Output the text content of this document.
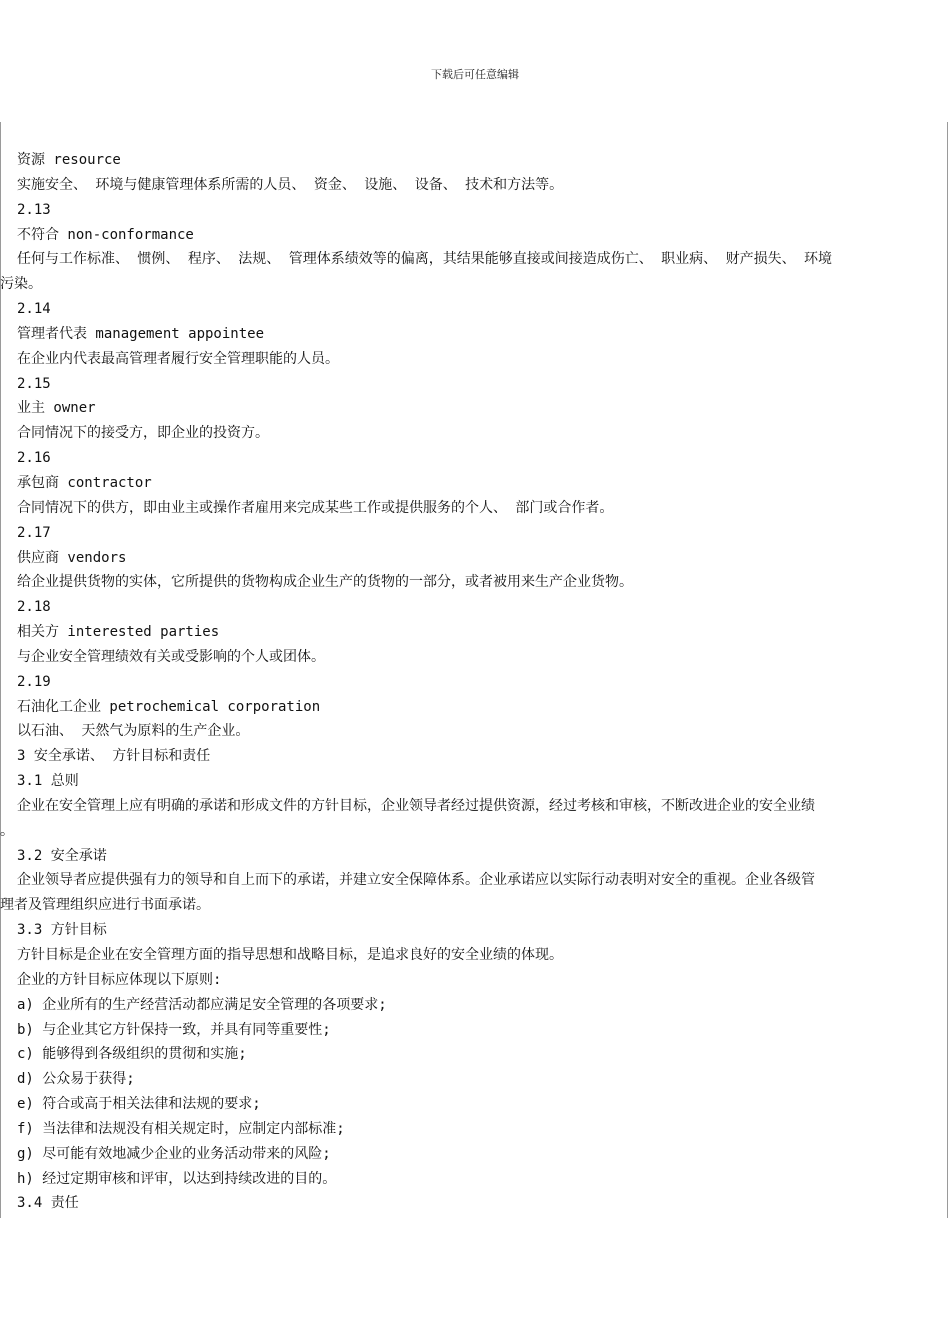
下载后可任意编辑
资源 resource
实施安全、 环境与健康管理体系所需的人员、 资金、 设施、 设备、 技术和方法等。
2.13
不符合 non-conformance
任何与工作标准、 惯例、 程序、 法规、 管理体系绩效等的偏离，其结果能够直接或间接造成伤亡、 职业病、 财产损失、 环境
污染。
2.14
管理者代表 management appointee
在企业内代表最高管理者履行安全管理职能的人员。
2.15
业主 owner
合同情况下的接受方，即企业的投资方。
2.16
承包商 contractor
合同情况下的供方，即由业主或操作者雇用来完成某些工作或提供服务的个人、 部门或合作者。
2.17
供应商 vendors
给企业提供货物的实体，它所提供的货物构成企业生产的货物的一部分，或者被用来生产企业货物。
2.18
相关方 interested parties
与企业安全管理绩效有关或受影响的个人或团体。
2.19
石油化工企业 petrochemical corporation
以石油、 天然气为原料的生产企业。
3 安全承诺、 方针目标和责任
3.1 总则
企业在安全管理上应有明确的承诺和形成文件的方针目标，企业领导者经过提供资源，经过考核和审核，不断改进企业的安全业绩
。
3.2 安全承诺
企业领导者应提供强有力的领导和自上而下的承诺，并建立安全保障体系。企业承诺应以实际行动表明对安全的重视。企业各级管
理者及管理组织应进行书面承诺。
3.3 方针目标
方针目标是企业在安全管理方面的指导思想和战略目标，是追求良好的安全业绩的体现。
企业的方针目标应体现以下原则:
a) 企业所有的生产经营活动都应满足安全管理的各项要求;
b) 与企业其它方针保持一致，并具有同等重要性;
c) 能够得到各级组织的贯彻和实施;
d) 公众易于获得;
e) 符合或高于相关法律和法规的要求;
f) 当法律和法规没有相关规定时，应制定内部标准;
g) 尽可能有效地减少企业的业务活动带来的风险;
h) 经过定期审核和评审，以达到持续改进的目的。
3.4 责任
